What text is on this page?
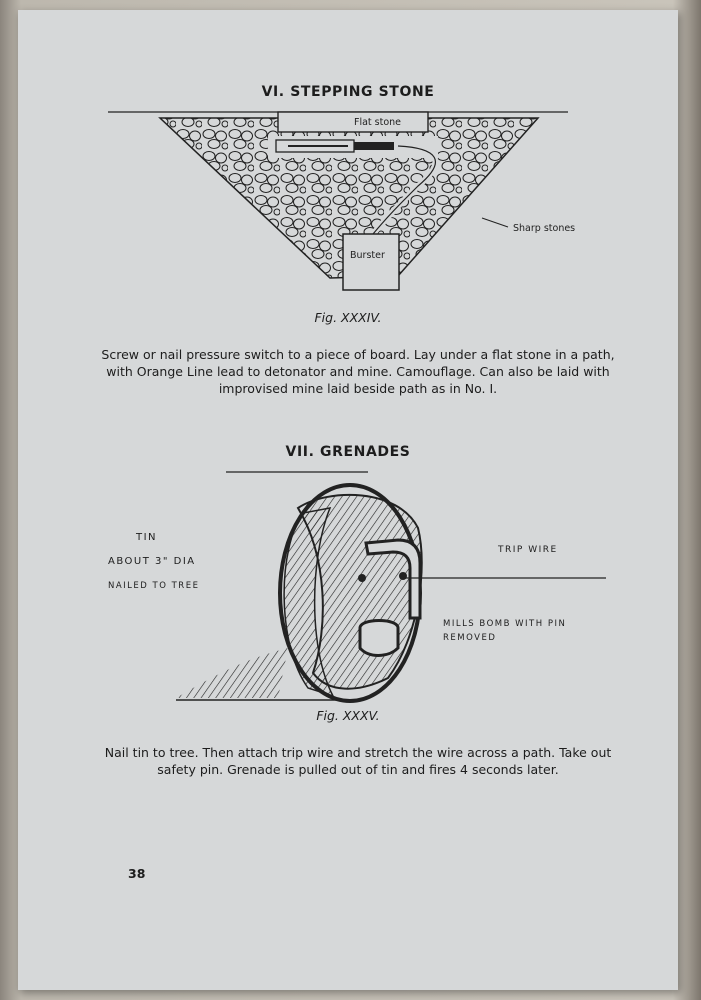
VI. STEPPING STONE
Flat stone
Sharp stones
Burster
Fig. XXXIV.

Screw or nail pressure switch to a piece of board. Lay under a flat stone in a path, with Orange Line lead to detonator and mine. Camouflage. Can also be laid with improvised mine laid beside path as in No. I.

VII. GRENADES
TIN
ABOUT 3" DIA
NAILED TO TREE
TRIP WIRE
MILLS BOMB WITH PIN
REMOVED
Fig. XXXV.

Nail tin to tree. Then attach trip wire and stretch the wire across a path. Take out safety pin. Grenade is pulled out of tin and fires 4 seconds later.

38
